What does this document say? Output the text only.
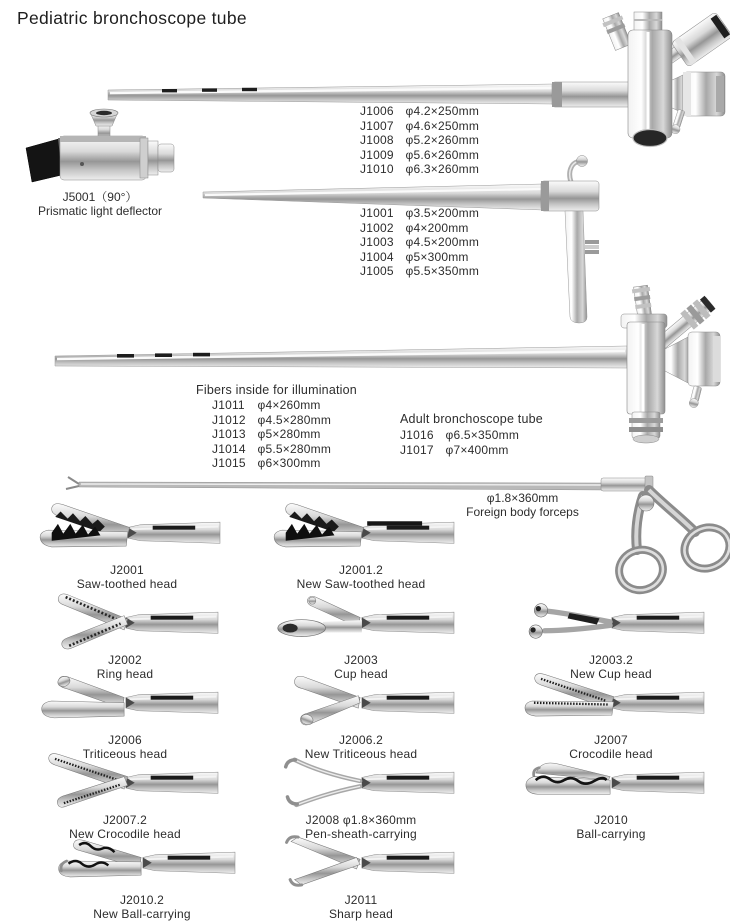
Pediatric bronchoscope tube
J1006 φ4.2×250mm
J1007 φ4.6×250mm
J1008 φ5.2×260mm
J1009 φ5.6×260mm
J1010 φ6.3×260mm
J5001（90°）
Prismatic light deflector	J1001 φ3.5×200mm
J1002 φ4×200mm
J1003 φ4.5×200mm
J1004 φ5×300mm
J1005 φ5.5×350mm
Fibers inside for illumination
J1011 φ4×260mm
J1012 φ4.5×280mm
J1013 φ5×280mm
J1014 φ5.5×280mm
J1015 φ6×300mm
Adult bronchoscope tube
J1016 φ6.5×350mm
J1017 φ7×400mm
φ1.8×360mm
Foreign body forceps
J2001
Saw-toothed head
J2001.2
New Saw-toothed head
J2002
Ring head
J2003
Cup head
J2003.2
New Cup head
J2006
Triticeous head
J2006.2
New Triticeous head
J2007
Crocodile head
J2007.2
New Crocodile head
J2008 φ1.8×360mm
Pen-sheath-carrying
J2010
Ball-carrying
J2010.2
New Ball-carrying
J2011
Sharp head
